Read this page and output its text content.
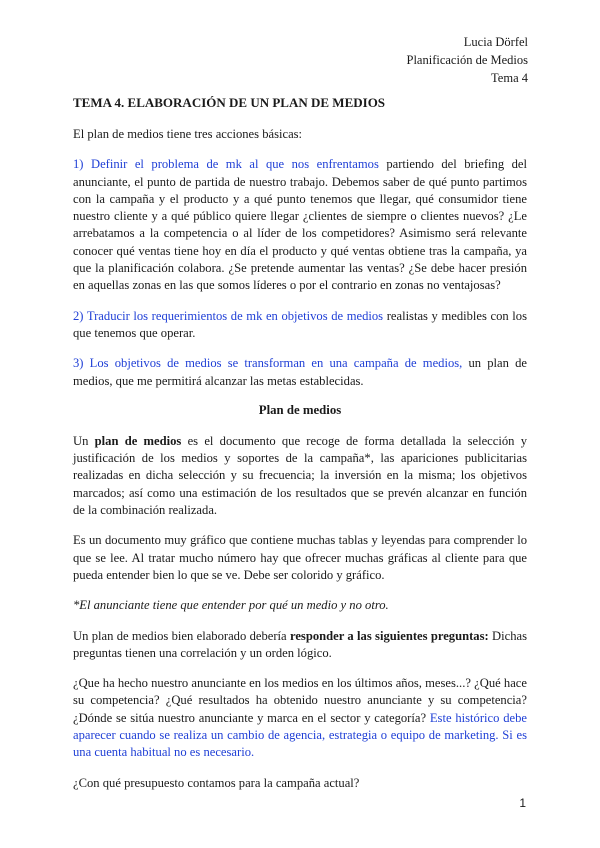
Lucia Dörfel
Planificación de Medios
Tema 4
TEMA 4. ELABORACIÓN DE UN PLAN DE MEDIOS

El plan de medios tiene tres acciones básicas:

1) Definir el problema de mk al que nos enfrentamos partiendo del briefing del anunciante, el punto de partida de nuestro trabajo. Debemos saber de qué punto partimos con la campaña y el producto y a qué punto tenemos que llegar, qué consumidor tiene nuestro cliente y a qué público quiere llegar ¿clientes de siempre o clientes nuevos? ¿Le arrebatamos a la competencia o al líder de los competidores? Asimismo será relevante conocer qué ventas tiene hoy en día el producto y qué ventas obtiene tras la campaña, ya que la planificación colabora. ¿Se pretende aumentar las ventas? ¿Se debe hacer presión en aquellas zonas en las que somos líderes o por el contrario en zonas no ventajosas?

2) Traducir los requerimientos de mk en objetivos de medios realistas y medibles con los que tenemos que operar.

3) Los objetivos de medios se transforman en una campaña de medios, un plan de medios, que me permitirá alcanzar las metas establecidas.

Plan de medios

Un plan de medios es el documento que recoge de forma detallada la selección y justificación de los medios y soportes de la campaña*, las apariciones publicitarias realizadas en dicha selección y su frecuencia; la inversión en la misma; los objetivos marcados; así como una estimación de los resultados que se prevén alcanzar en función de la combinación realizada.

Es un documento muy gráfico que contiene muchas tablas y leyendas para comprender lo que se lee. Al tratar mucho número hay que ofrecer muchas gráficas al cliente para que pueda entender bien lo que se ve. Debe ser colorido y gráfico.

*El anunciante tiene que entender por qué un medio y no otro.

Un plan de medios bien elaborado debería responder a las siguientes preguntas: Dichas preguntas tienen una correlación y un orden lógico.

¿Que ha hecho nuestro anunciante en los medios en los últimos años, meses...? ¿Qué hace su competencia? ¿Qué resultados ha obtenido nuestro anunciante y su competencia? ¿Dónde se sitúa nuestro anunciante y marca en el sector y categoría? Este histórico debe aparecer cuando se realiza un cambio de agencia, estrategia o equipo de marketing. Si es una cuenta habitual no es necesario.

¿Con qué presupuesto contamos para la campaña actual?

1
